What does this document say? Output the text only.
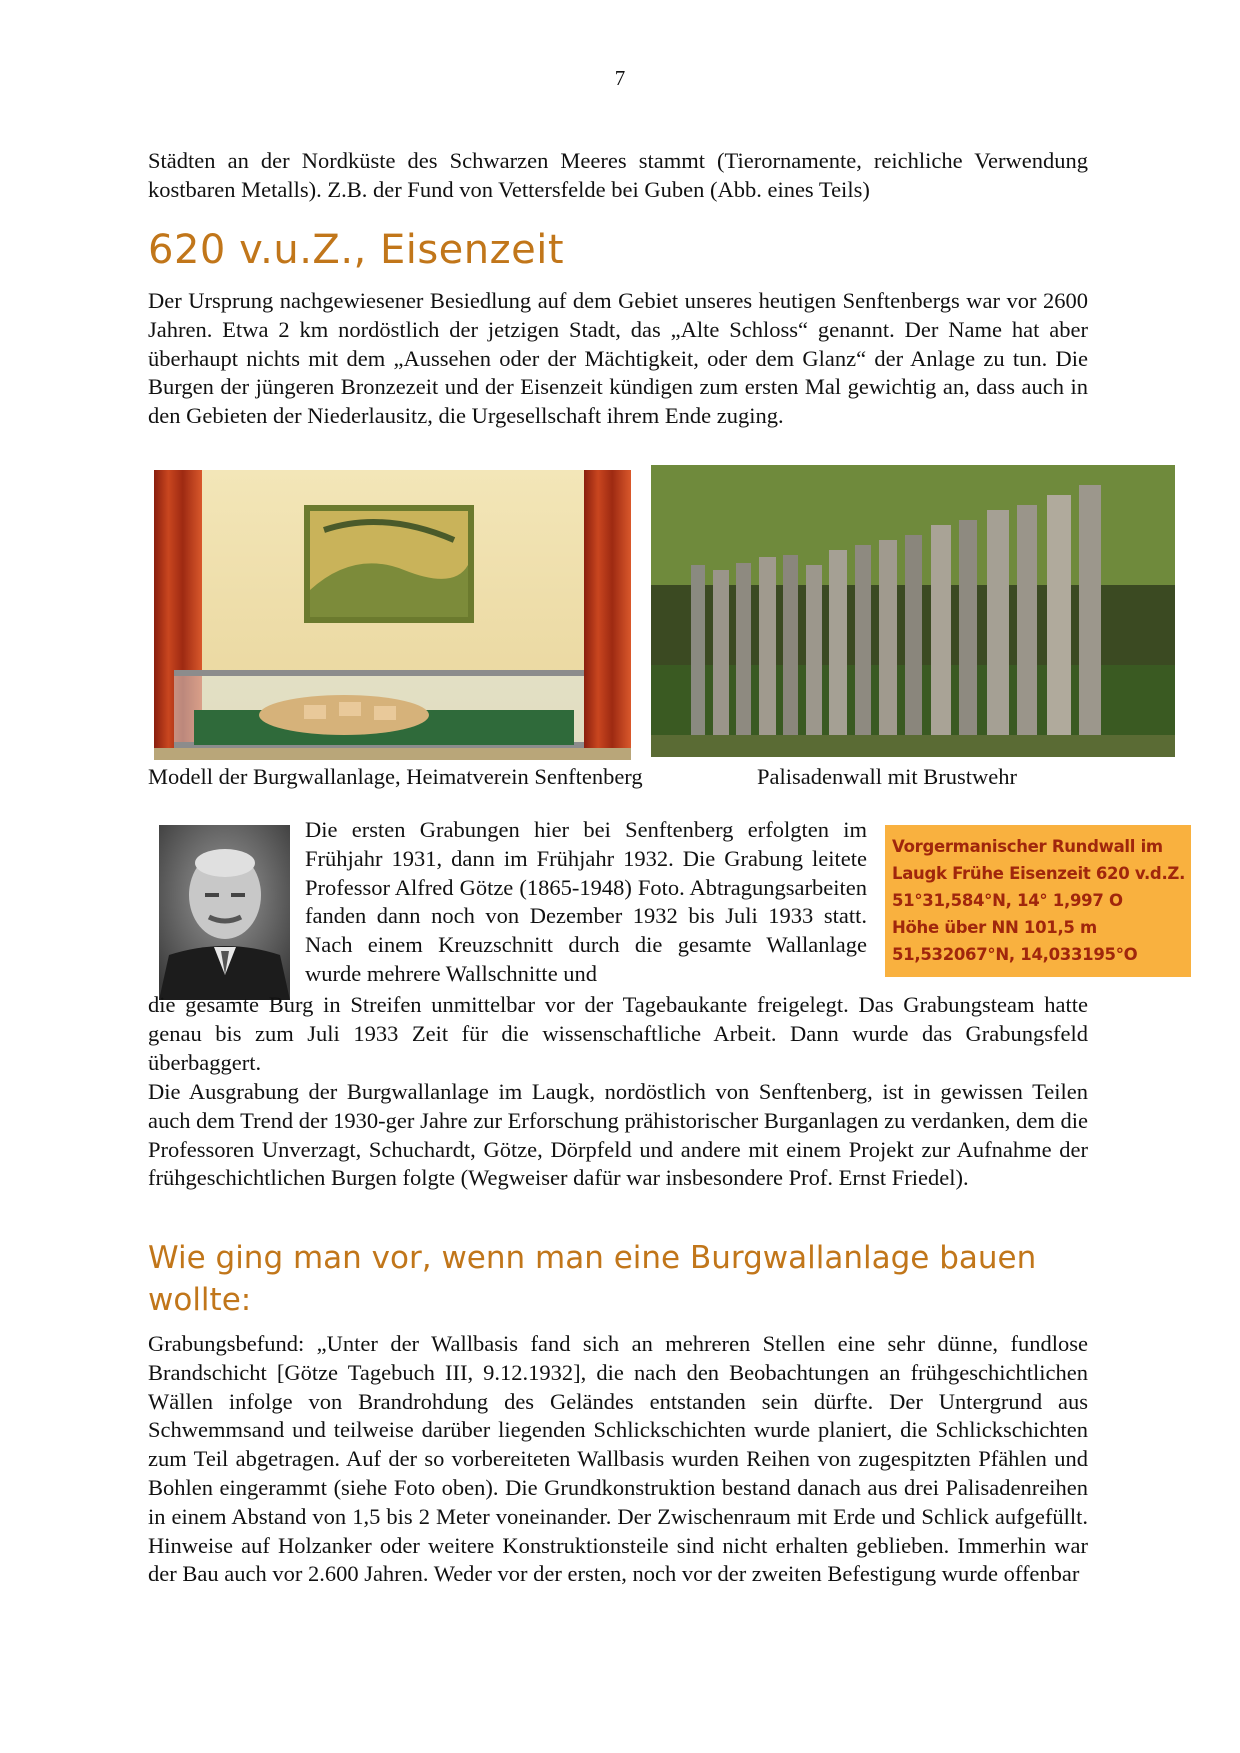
7

Städten an der Nordküste des Schwarzen Meeres stammt (Tierornamente, reichliche Verwendung kostbaren Metalls). Z.B. der Fund von Vettersfelde bei Guben (Abb. eines Teils)

620 v.u.Z., Eisenzeit

Der Ursprung nachgewiesener Besiedlung auf dem Gebiet unseres heutigen Senftenbergs war vor 2600 Jahren. Etwa 2 km nordöstlich der jetzigen Stadt, das „Alte Schloss“ genannt. Der Name hat aber überhaupt nichts mit dem „Aussehen oder der Mächtigkeit, oder dem Glanz“ der Anlage zu tun. Die Burgen der jüngeren Bronzezeit und der Eisenzeit kündigen zum ersten Mal gewichtig an, dass auch in den Gebieten der Niederlausitz, die Urgesellschaft ihrem Ende zuging.

Modell der Burgwallanlage, Heimatverein Senftenberg	Palisadenwall mit Brustwehr

Die ersten Grabungen hier bei Senftenberg erfolgten im Frühjahr 1931, dann im Frühjahr 1932. Die Grabung leitete Professor Alfred Götze (1865-1948) Foto. Abtragungsarbeiten fanden dann noch von Dezember 1932 bis Juli 1933 statt. Nach einem Kreuzschnitt durch die gesamte Wallanlage wurde mehrere Wallschnitte und

Vorgermanischer Rundwall im
Laugk Frühe Eisenzeit 620 v.d.Z.
51°31,584°N, 14° 1,997 O
Höhe über NN 101,5 m
51,532067°N, 14,033195°O

die gesamte Burg in Streifen unmittelbar vor der Tagebaukante freigelegt. Das Grabungsteam hatte genau bis zum Juli 1933 Zeit für die wissenschaftliche Arbeit. Dann wurde das Grabungsfeld überbaggert.

Die Ausgrabung der Burgwallanlage im Laugk, nordöstlich von Senftenberg, ist in gewissen Teilen auch dem Trend der 1930-ger Jahre zur Erforschung prähistorischer Burganlagen zu verdanken, dem die Professoren Unverzagt, Schuchardt, Götze, Dörpfeld und andere mit einem Projekt zur Aufnahme der frühgeschichtlichen Burgen folgte (Wegweiser dafür war insbesondere Prof. Ernst Friedel).

Wie ging man vor, wenn man eine Burgwallanlage bauen wollte:

Grabungsbefund: „Unter der Wallbasis fand sich an mehreren Stellen eine sehr dünne, fundlose Brandschicht [Götze Tagebuch III, 9.12.1932], die nach den Beobachtungen an frühgeschichtlichen Wällen infolge von Brandrohdung des Geländes entstanden sein dürfte. Der Untergrund aus Schwemmsand und teilweise darüber liegenden Schlickschichten wurde planiert, die Schlickschichten zum Teil abgetragen. Auf der so vorbereiteten Wallbasis wurden Reihen von zugespitzten Pfählen und Bohlen eingerammt (siehe Foto oben). Die Grundkonstruktion bestand danach aus drei Palisadenreihen in einem Abstand von 1,5 bis 2 Meter voneinander. Der Zwischenraum mit Erde und Schlick aufgefüllt. Hinweise auf Holzanker oder weitere Konstruktionsteile sind nicht erhalten geblieben. Immerhin war der Bau auch vor 2.600 Jahren. Weder vor der ersten, noch vor der zweiten Befestigung wurde offenbar
